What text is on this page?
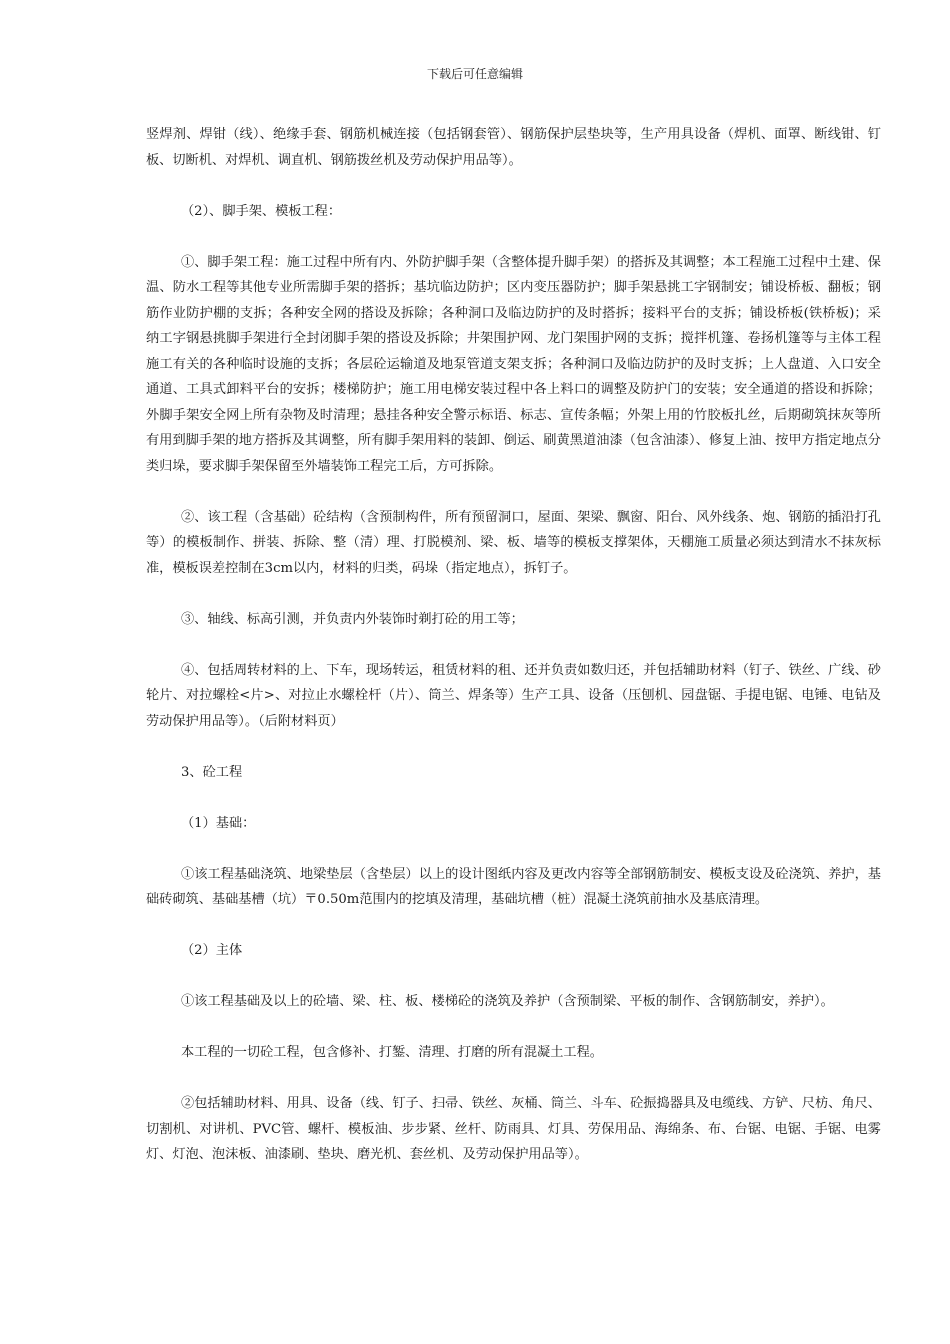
下载后可任意编辑

竖焊剂、焊钳（线）、绝缘手套、钢筋机械连接（包括钢套管）、钢筋保护层垫块等，生产用具设备（焊机、面罩、断线钳、钉板、切断机、对焊机、调直机、钢筋拨丝机及劳动保护用品等）。

（2）、脚手架、模板工程：

①、脚手架工程：施工过程中所有内、外防护脚手架（含整体提升脚手架）的搭拆及其调整；本工程施工过程中土建、保温、防水工程等其他专业所需脚手架的搭拆；基坑临边防护；区内变压器防护；脚手架悬挑工字钢制安；铺设桥板、翻板；钢筋作业防护棚的支拆；各种安全网的搭设及拆除；各种洞口及临边防护的及时搭拆；接料平台的支拆；铺设桥板(铁桥板)；采纳工字钢悬挑脚手架进行全封闭脚手架的搭设及拆除；井架围护网、龙门架围护网的支拆；搅拌机篷、卷扬机篷等与主体工程施工有关的各种临时设施的支拆；各层砼运输道及地泵管道支架支拆；各种洞口及临边防护的及时支拆；上人盘道、入口安全通道、工具式卸料平台的安拆；楼梯防护；施工用电梯安装过程中各上料口的调整及防护门的安装；安全通道的搭设和拆除；外脚手架安全网上所有杂物及时清理；悬挂各种安全警示标语、标志、宣传条幅；外架上用的竹胶板扎丝，后期砌筑抹灰等所有用到脚手架的地方搭拆及其调整，所有脚手架用料的装卸、倒运、刷黄黑道油漆（包含油漆）、修复上油、按甲方指定地点分类归垛，要求脚手架保留至外墙装饰工程完工后，方可拆除。

②、该工程（含基础）砼结构（含预制构件，所有预留洞口，屋面、架梁、飘窗、阳台、风外线条、炮、钢筋的插沿打孔等）的模板制作、拼装、拆除、整（清）理、打脱模剂、梁、板、墙等的模板支撑架体，天棚施工质量必须达到清水不抹灰标准，模板误差控制在3cm以内，材料的归类，码垛（指定地点），拆钉子。

③、轴线、标高引测，并负责内外装饰时剃打砼的用工等；

④、包括周转材料的上、下车，现场转运，租赁材料的租、还并负责如数归还，并包括辅助材料（钉子、铁丝、广线、砂轮片、对拉螺栓<片>、对拉止水螺栓杆（片）、筒兰、焊条等）生产工具、设备（压刨机、园盘锯、手提电锯、电锤、电钻及劳动保护用品等）。（后附材料页）

3、砼工程

（1）基础：

①该工程基础浇筑、地梁垫层（含垫层）以上的设计图纸内容及更改内容等全部钢筋制安、模板支设及砼浇筑、养护，基础砖砌筑、基础基槽（坑）〒0.50m范围内的挖填及清理，基础坑槽（桩）混凝土浇筑前抽水及基底清理。

（2）主体

①该工程基础及以上的砼墙、梁、柱、板、楼梯砼的浇筑及养护（含预制梁、平板的制作、含钢筋制安，养护）。

本工程的一切砼工程，包含修补、打錾、清理、打磨的所有混凝土工程。

②包括辅助材料、用具、设备（线、钉子、扫帚、铁丝、灰桶、筒兰、斗车、砼振捣器具及电缆线、方铲、尺枋、角尺、切割机、对讲机、PVC管、螺杆、模板油、步步紧、丝杆、防雨具、灯具、劳保用品、海绵条、布、台锯、电锯、手锯、电雾灯、灯泡、泡沫板、油漆刷、垫块、磨光机、套丝机、及劳动保护用品等）。
